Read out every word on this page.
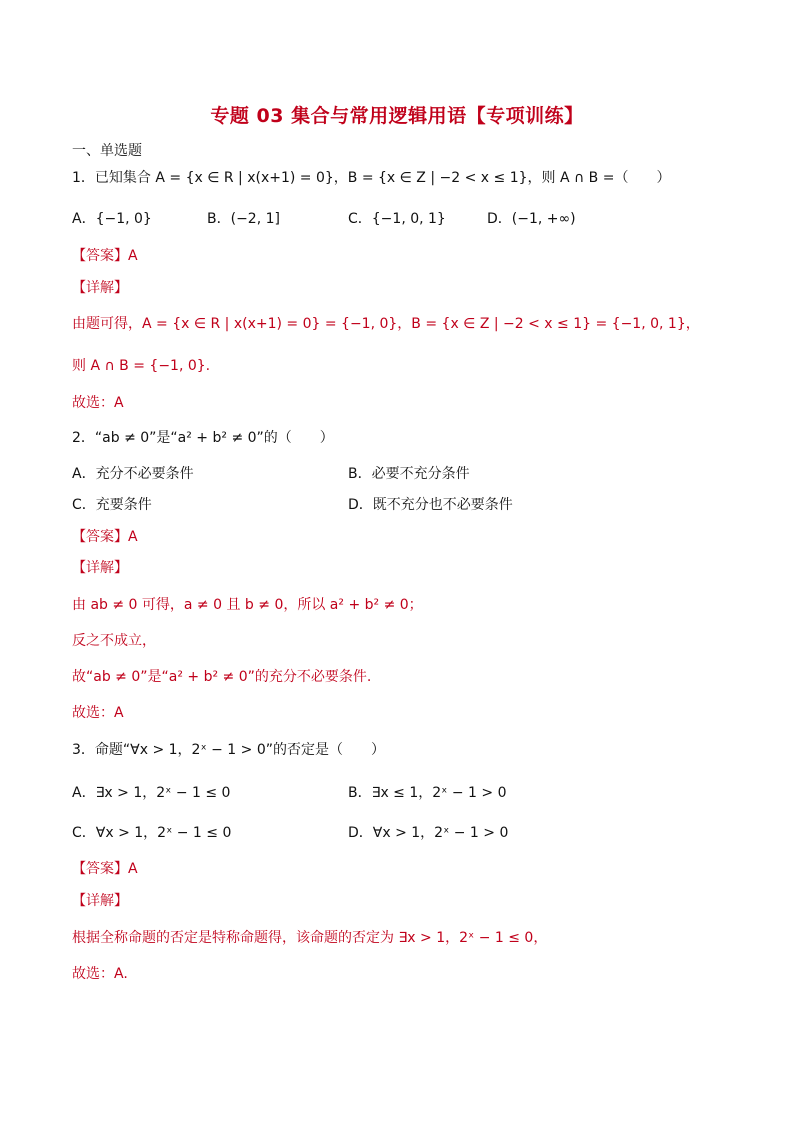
专题 03 集合与常用逻辑用语【专项训练】
一、单选题
1．已知集合 A = {x ∈ R | x(x+1) = 0}，B = {x ∈ Z | −2 < x ≤ 1}，则 A ∩ B =（　　）
A．{−1, 0}	B．(−2, 1]	C．{−1, 0, 1}	D．(−1, +∞)
【答案】A
【详解】
由题可得，A = {x ∈ R | x(x+1) = 0} = {−1, 0}，B = {x ∈ Z | −2 < x ≤ 1} = {−1, 0, 1}，
则 A ∩ B = {−1, 0}.
故选：A
2．“ab ≠ 0”是“a² + b² ≠ 0”的（　　）
A．充分不必要条件	B．必要不充分条件
C．充要条件	D．既不充分也不必要条件
【答案】A
【详解】
由 ab ≠ 0 可得，a ≠ 0 且 b ≠ 0，所以 a² + b² ≠ 0；
反之不成立，
故“ab ≠ 0”是“a² + b² ≠ 0”的充分不必要条件.
故选：A
3．命题“∀x > 1，2ˣ − 1 > 0”的否定是（　　）
A．∃x > 1，2ˣ − 1 ≤ 0	B．∃x ≤ 1，2ˣ − 1 > 0
C．∀x > 1，2ˣ − 1 ≤ 0	D．∀x > 1，2ˣ − 1 > 0
【答案】A
【详解】
根据全称命题的否定是特称命题得，该命题的否定为 ∃x > 1，2ˣ − 1 ≤ 0，
故选：A.
